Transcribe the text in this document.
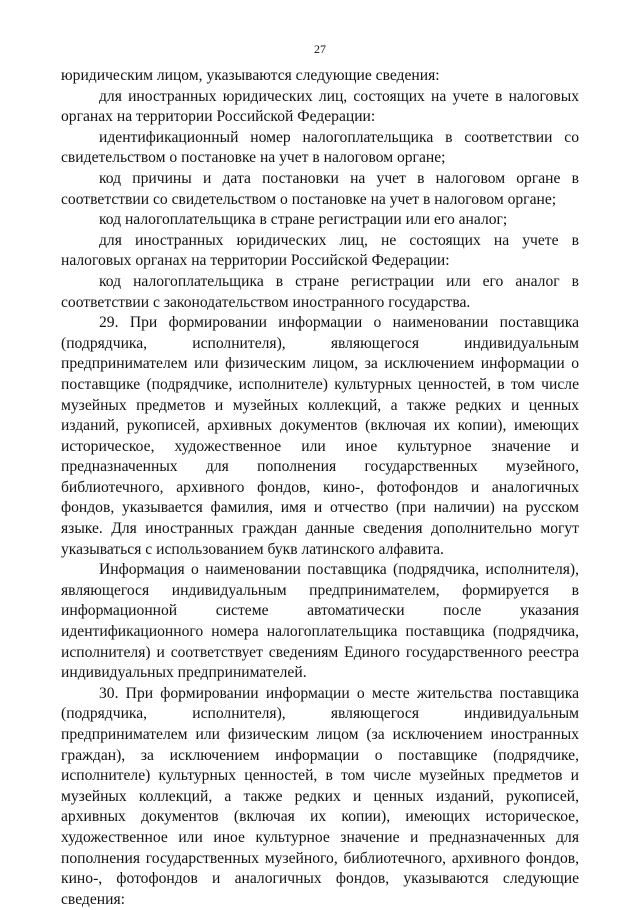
27

юридическим лицом, указываются следующие сведения:

для иностранных юридических лиц, состоящих на учете в налоговых органах на территории Российской Федерации:

идентификационный номер налогоплательщика в соответствии со свидетельством о постановке на учет в налоговом органе;

код причины и дата постановки на учет в налоговом органе в соответствии со свидетельством о постановке на учет в налоговом органе;

код налогоплательщика в стране регистрации или его аналог;

для иностранных юридических лиц, не состоящих на учете в налоговых органах на территории Российской Федерации:

код налогоплательщика в стране регистрации или его аналог в соответствии с законодательством иностранного государства.

29. При формировании информации о наименовании поставщика (подрядчика, исполнителя), являющегося индивидуальным предпринимателем или физическим лицом, за исключением информации о поставщике (подрядчике, исполнителе) культурных ценностей, в том числе музейных предметов и музейных коллекций, а также редких и ценных изданий, рукописей, архивных документов (включая их копии), имеющих историческое, художественное или иное культурное значение и предназначенных для пополнения государственных музейного, библиотечного, архивного фондов, кино-, фотофондов и аналогичных фондов, указывается фамилия, имя и отчество (при наличии) на русском языке. Для иностранных граждан данные сведения дополнительно могут указываться с использованием букв латинского алфавита.

Информация о наименовании поставщика (подрядчика, исполнителя), являющегося индивидуальным предпринимателем, формируется в информационной системе автоматически после указания идентификационного номера налогоплательщика поставщика (подрядчика, исполнителя) и соответствует сведениям Единого государственного реестра индивидуальных предпринимателей.

30. При формировании информации о месте жительства поставщика (подрядчика, исполнителя), являющегося индивидуальным предпринимателем или физическим лицом (за исключением иностранных граждан), за исключением информации о поставщике (подрядчике, исполнителе) культурных ценностей, в том числе музейных предметов и музейных коллекций, а также редких и ценных изданий, рукописей, архивных документов (включая их копии), имеющих историческое, художественное или иное культурное значение и предназначенных для пополнения государственных музейного, библиотечного, архивного фондов, кино-, фотофондов и аналогичных фондов, указываются следующие сведения:
